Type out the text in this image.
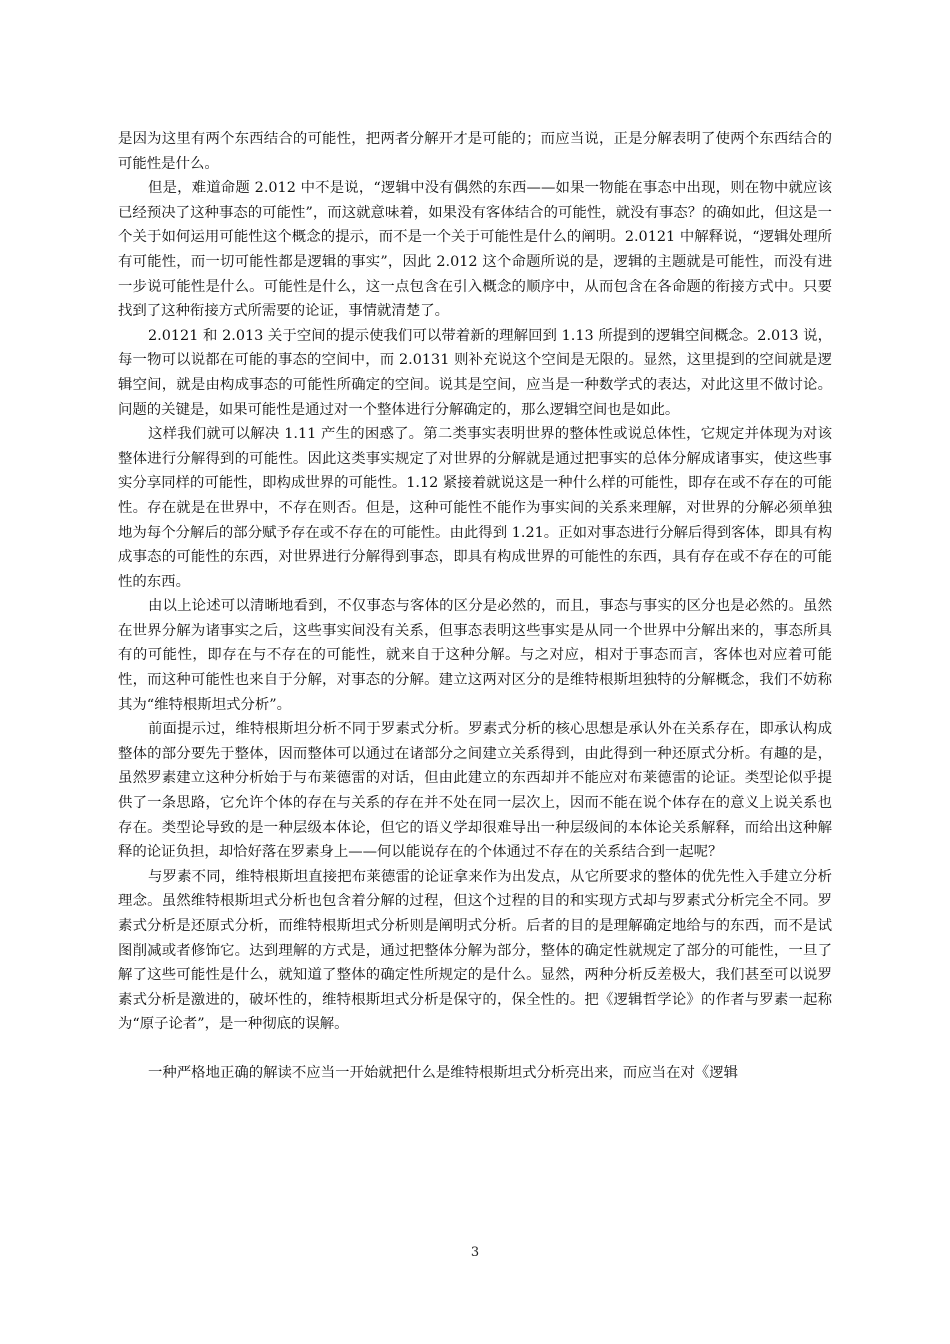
是因为这里有两个东西结合的可能性，把两者分解开才是可能的；而应当说，正是分解表明了使两个东西结合的可能性是什么。

但是，难道命题 2.012 中不是说，“逻辑中没有偶然的东西——如果一物能在事态中出现，则在物中就应该已经预决了这种事态的可能性”，而这就意味着，如果没有客体结合的可能性，就没有事态？的确如此，但这是一个关于如何运用可能性这个概念的提示，而不是一个关于可能性是什么的阐明。2.0121 中解释说，“逻辑处理所有可能性，而一切可能性都是逻辑的事实”，因此 2.012 这个命题所说的是，逻辑的主题就是可能性，而没有进一步说可能性是什么。可能性是什么，这一点包含在引入概念的顺序中，从而包含在各命题的衔接方式中。只要找到了这种衔接方式所需要的论证，事情就清楚了。

2.0121 和 2.013 关于空间的提示使我们可以带着新的理解回到 1.13 所提到的逻辑空间概念。2.013 说，每一物可以说都在可能的事态的空间中，而 2.0131 则补充说这个空间是无限的。显然，这里提到的空间就是逻辑空间，就是由构成事态的可能性所确定的空间。说其是空间，应当是一种数学式的表达，对此这里不做讨论。问题的关键是，如果可能性是通过对一个整体进行分解确定的，那么逻辑空间也是如此。

这样我们就可以解决 1.11 产生的困惑了。第二类事实表明世界的整体性或说总体性，它规定并体现为对该整体进行分解得到的可能性。因此这类事实规定了对世界的分解就是通过把事实的总体分解成诸事实，使这些事实分享同样的可能性，即构成世界的可能性。1.12 紧接着就说这是一种什么样的可能性，即存在或不存在的可能性。存在就是在世界中，不存在则否。但是，这种可能性不能作为事实间的关系来理解，对世界的分解必须单独地为每个分解后的部分赋予存在或不存在的可能性。由此得到 1.21。正如对事态进行分解后得到客体，即具有构成事态的可能性的东西，对世界进行分解得到事态，即具有构成世界的可能性的东西，具有存在或不存在的可能性的东西。

由以上论述可以清晰地看到，不仅事态与客体的区分是必然的，而且，事态与事实的区分也是必然的。虽然在世界分解为诸事实之后，这些事实间没有关系，但事态表明这些事实是从同一个世界中分解出来的，事态所具有的可能性，即存在与不存在的可能性，就来自于这种分解。与之对应，相对于事态而言，客体也对应着可能性，而这种可能性也来自于分解，对事态的分解。建立这两对区分的是维特根斯坦独特的分解概念，我们不妨称其为“维特根斯坦式分析”。

前面提示过，维特根斯坦分析不同于罗素式分析。罗素式分析的核心思想是承认外在关系存在，即承认构成整体的部分要先于整体，因而整体可以通过在诸部分之间建立关系得到，由此得到一种还原式分析。有趣的是，虽然罗素建立这种分析始于与布莱德雷的对话，但由此建立的东西却并不能应对布莱德雷的论证。类型论似乎提供了一条思路，它允许个体的存在与关系的存在并不处在同一层次上，因而不能在说个体存在的意义上说关系也存在。类型论导致的是一种层级本体论，但它的语义学却很难导出一种层级间的本体论关系解释，而给出这种解释的论证负担，却恰好落在罗素身上——何以能说存在的个体通过不存在的关系结合到一起呢？

与罗素不同，维特根斯坦直接把布莱德雷的论证拿来作为出发点，从它所要求的整体的优先性入手建立分析理念。虽然维特根斯坦式分析也包含着分解的过程，但这个过程的目的和实现方式却与罗素式分析完全不同。罗素式分析是还原式分析，而维特根斯坦式分析则是阐明式分析。后者的目的是理解确定地给与的东西，而不是试图削减或者修饰它。达到理解的方式是，通过把整体分解为部分，整体的确定性就规定了部分的可能性，一旦了解了这些可能性是什么，就知道了整体的确定性所规定的是什么。显然，两种分析反差极大，我们甚至可以说罗素式分析是激进的，破坏性的，维特根斯坦式分析是保守的，保全性的。把《逻辑哲学论》的作者与罗素一起称为“原子论者”，是一种彻底的误解。

一种严格地正确的解读不应当一开始就把什么是维特根斯坦式分析亮出来，而应当在对《逻辑

3
